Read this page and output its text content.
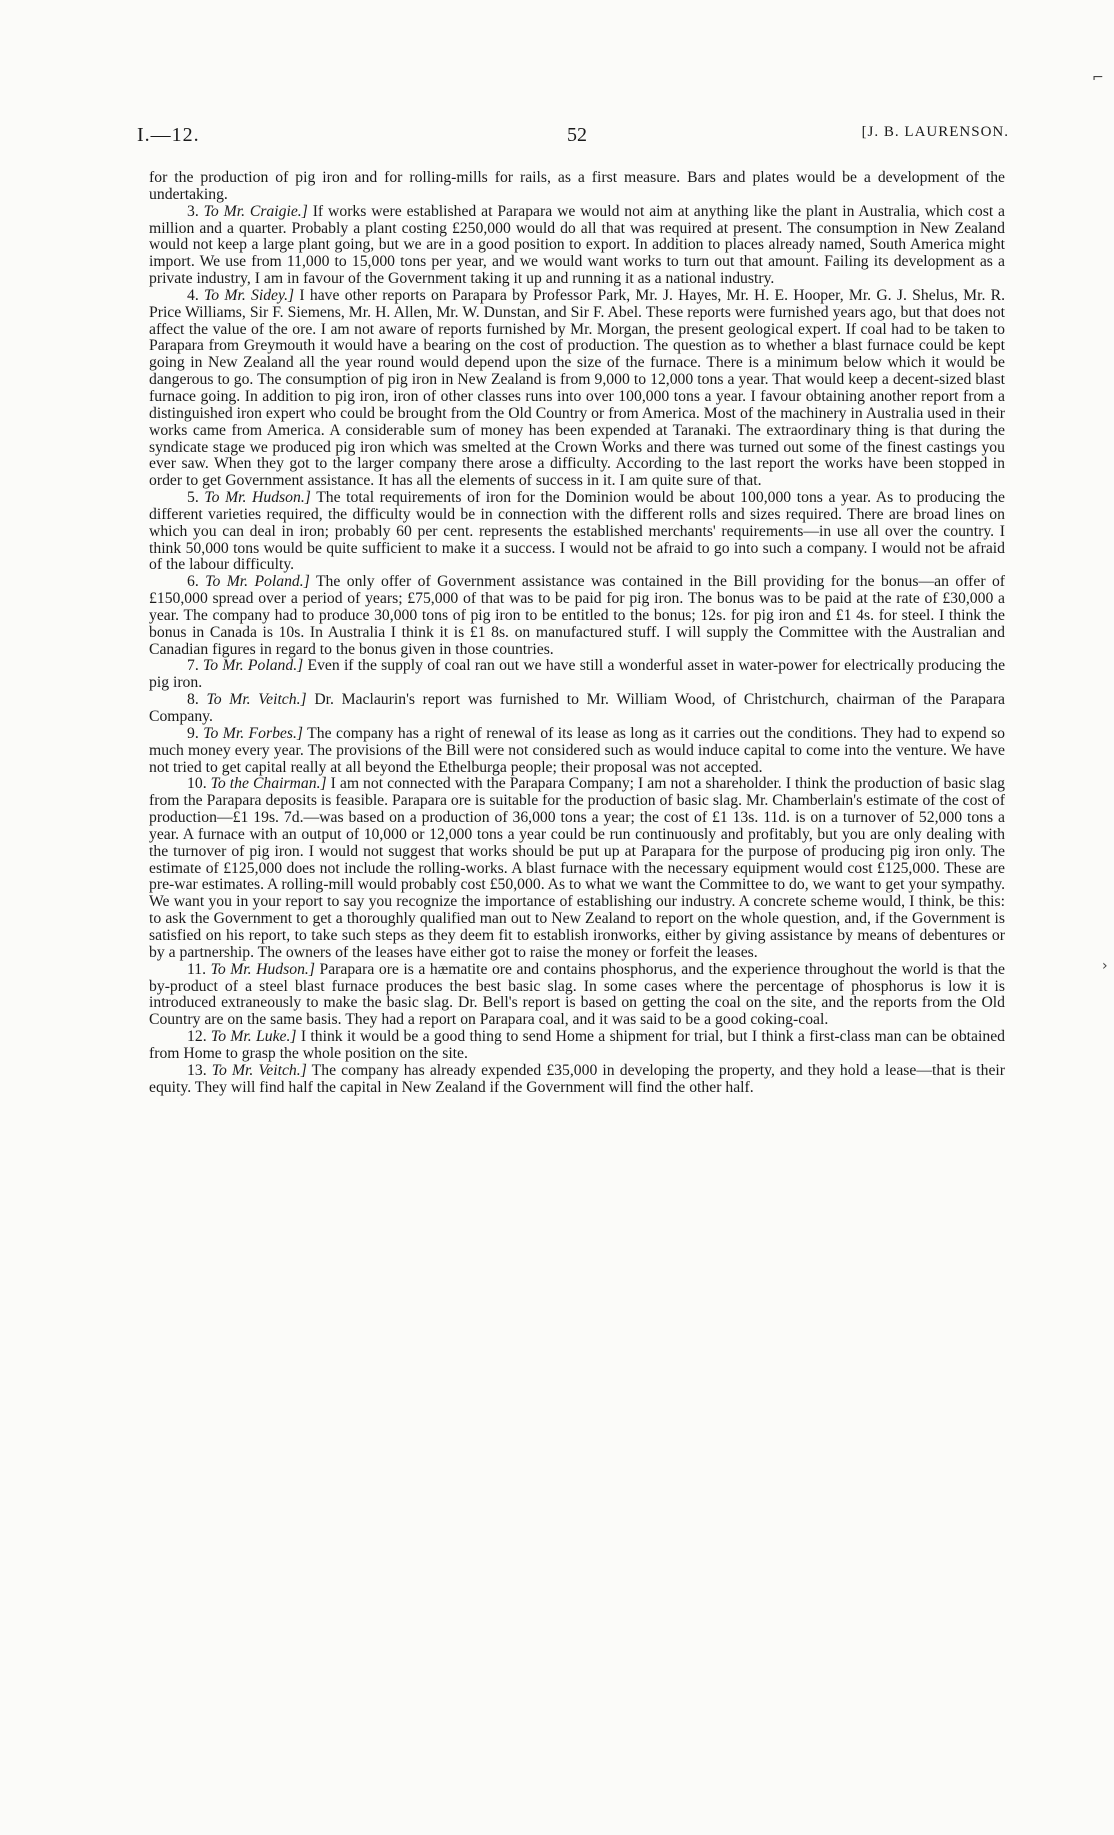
I.—12.	52	[J. B. LAURENSON.
⌐
›

for the production of pig iron and for rolling-mills for rails, as a first measure. Bars and plates would be a development of the undertaking.

3. To Mr. Craigie.] If works were established at Parapara we would not aim at anything like the plant in Australia, which cost a million and a quarter. Probably a plant costing £250,000 would do all that was required at present. The consumption in New Zealand would not keep a large plant going, but we are in a good position to export. In addition to places already named, South America might import. We use from 11,000 to 15,000 tons per year, and we would want works to turn out that amount. Failing its development as a private industry, I am in favour of the Government taking it up and running it as a national industry.

4. To Mr. Sidey.] I have other reports on Parapara by Professor Park, Mr. J. Hayes, Mr. H. E. Hooper, Mr. G. J. Shelus, Mr. R. Price Williams, Sir F. Siemens, Mr. H. Allen, Mr. W. Dunstan, and Sir F. Abel. These reports were furnished years ago, but that does not affect the value of the ore. I am not aware of reports furnished by Mr. Morgan, the present geological expert. If coal had to be taken to Parapara from Greymouth it would have a bearing on the cost of production. The question as to whether a blast furnace could be kept going in New Zealand all the year round would depend upon the size of the furnace. There is a minimum below which it would be dangerous to go. The consumption of pig iron in New Zealand is from 9,000 to 12,000 tons a year. That would keep a decent-sized blast furnace going. In addition to pig iron, iron of other classes runs into over 100,000 tons a year. I favour obtaining another report from a distinguished iron expert who could be brought from the Old Country or from America. Most of the machinery in Australia used in their works came from America. A considerable sum of money has been expended at Taranaki. The extraordinary thing is that during the syndicate stage we produced pig iron which was smelted at the Crown Works and there was turned out some of the finest castings you ever saw. When they got to the larger company there arose a difficulty. According to the last report the works have been stopped in order to get Government assistance. It has all the elements of success in it. I am quite sure of that.

5. To Mr. Hudson.] The total requirements of iron for the Dominion would be about 100,000 tons a year. As to producing the different varieties required, the difficulty would be in connection with the different rolls and sizes required. There are broad lines on which you can deal in iron; probably 60 per cent. represents the established merchants' requirements—in use all over the country. I think 50,000 tons would be quite sufficient to make it a success. I would not be afraid to go into such a company. I would not be afraid of the labour difficulty.

6. To Mr. Poland.] The only offer of Government assistance was contained in the Bill providing for the bonus—an offer of £150,000 spread over a period of years; £75,000 of that was to be paid for pig iron. The bonus was to be paid at the rate of £30,000 a year. The company had to produce 30,000 tons of pig iron to be entitled to the bonus; 12s. for pig iron and £1 4s. for steel. I think the bonus in Canada is 10s. In Australia I think it is £1 8s. on manufactured stuff. I will supply the Committee with the Australian and Canadian figures in regard to the bonus given in those countries.

7. To Mr. Poland.] Even if the supply of coal ran out we have still a wonderful asset in water-power for electrically producing the pig iron.

8. To Mr. Veitch.] Dr. Maclaurin's report was furnished to Mr. William Wood, of Christchurch, chairman of the Parapara Company.

9. To Mr. Forbes.] The company has a right of renewal of its lease as long as it carries out the conditions. They had to expend so much money every year. The provisions of the Bill were not considered such as would induce capital to come into the venture. We have not tried to get capital really at all beyond the Ethelburga people; their proposal was not accepted.

10. To the Chairman.] I am not connected with the Parapara Company; I am not a shareholder. I think the production of basic slag from the Parapara deposits is feasible. Parapara ore is suitable for the production of basic slag. Mr. Chamberlain's estimate of the cost of production—£1 19s. 7d.—was based on a production of 36,000 tons a year; the cost of £1 13s. 11d. is on a turnover of 52,000 tons a year. A furnace with an output of 10,000 or 12,000 tons a year could be run continuously and profitably, but you are only dealing with the turnover of pig iron. I would not suggest that works should be put up at Parapara for the purpose of producing pig iron only. The estimate of £125,000 does not include the rolling-works. A blast furnace with the necessary equipment would cost £125,000. These are pre-war estimates. A rolling-mill would probably cost £50,000. As to what we want the Committee to do, we want to get your sympathy. We want you in your report to say you recognize the importance of establishing our industry. A concrete scheme would, I think, be this: to ask the Government to get a thoroughly qualified man out to New Zealand to report on the whole question, and, if the Government is satisfied on his report, to take such steps as they deem fit to establish ironworks, either by giving assistance by means of debentures or by a partnership. The owners of the leases have either got to raise the money or forfeit the leases.

11. To Mr. Hudson.] Parapara ore is a hæmatite ore and contains phosphorus, and the experience throughout the world is that the by-product of a steel blast furnace produces the best basic slag. In some cases where the percentage of phosphorus is low it is introduced extraneously to make the basic slag. Dr. Bell's report is based on getting the coal on the site, and the reports from the Old Country are on the same basis. They had a report on Parapara coal, and it was said to be a good coking-coal.

12. To Mr. Luke.] I think it would be a good thing to send Home a shipment for trial, but I think a first-class man can be obtained from Home to grasp the whole position on the site.

13. To Mr. Veitch.] The company has already expended £35,000 in developing the property, and they hold a lease—that is their equity. They will find half the capital in New Zealand if the Government will find the other half.
